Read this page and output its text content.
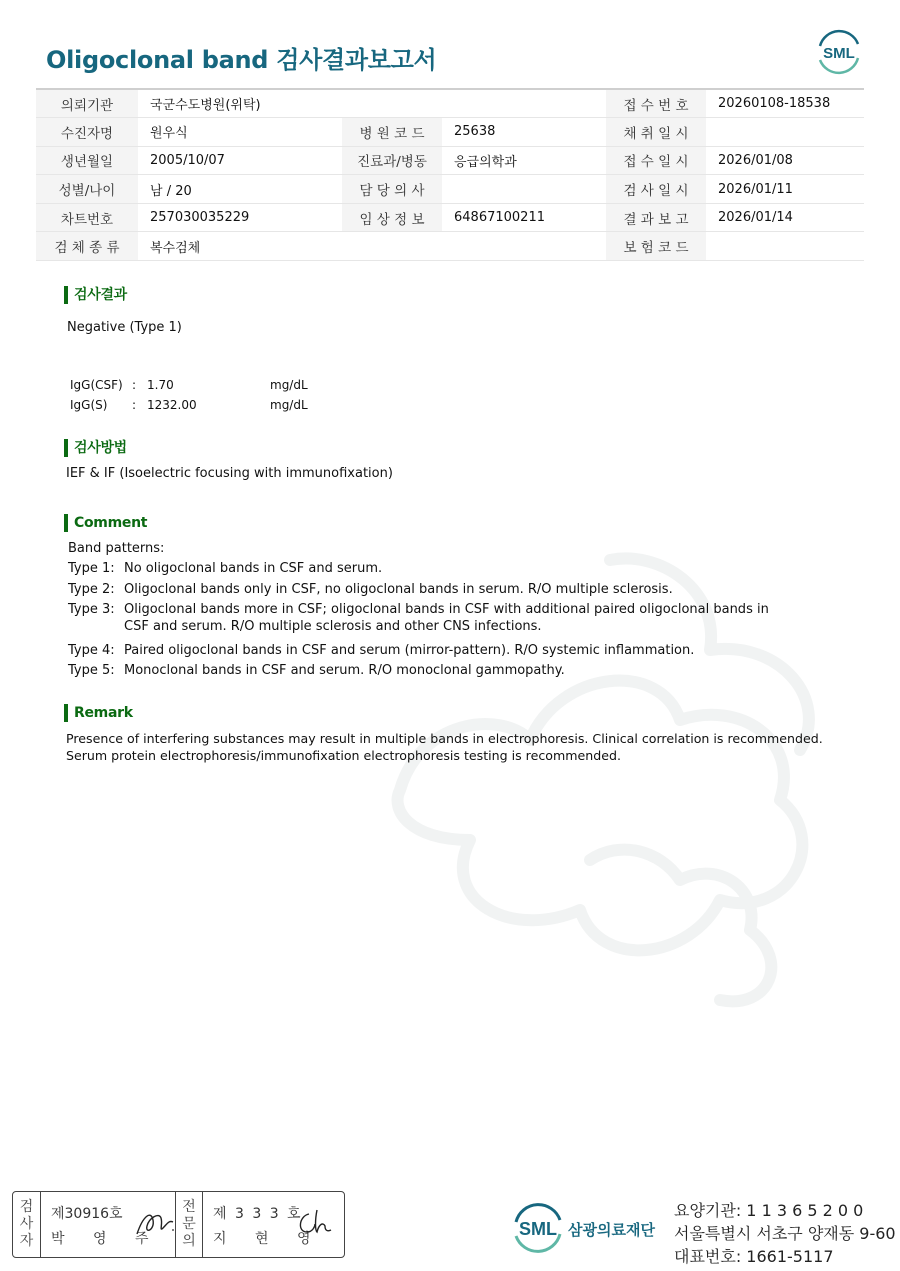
Oligoclonal band 검사결과보고서	SML
의뢰기관	국군수도병원(위탁)			접 수 번 호	20260108-18538
수진자명	원우식	병 원 코 드	25638	채 취 일 시	
생년월일	2005/10/07	진료과/병동	응급의학과	접 수 일 시	2026/01/08
성별/나이	남 / 20	담 당 의 사		검 사 일 시	2026/01/11
차트번호	257030035229	임 상 정 보	64867100211	결 과 보 고	2026/01/14
검 체 종 류	복수검체			보 험 코 드	
검사결과
Negative (Type 1)
IgG(CSF) : 1.70	mg/dL
IgG(S) : 1232.00	mg/dL
검사방법
IEF & IF (Isoelectric focusing with immunofixation)
Comment
Band patterns:
Type 1: No oligoclonal bands in CSF and serum.
Type 2: Oligoclonal bands only in CSF, no oligoclonal bands in serum. R/O multiple sclerosis.
Type 3: Oligoclonal bands more in CSF; oligoclonal bands in CSF with additional paired oligoclonal bands in CSF and serum. R/O multiple sclerosis and other CNS infections.
Type 4: Paired oligoclonal bands in CSF and serum (mirror-pattern). R/O systemic inflammation.
Type 5: Monoclonal bands in CSF and serum. R/O monoclonal gammopathy.
Remark
Presence of interfering substances may result in multiple bands in electrophoresis. Clinical correlation is recommended.
Serum protein electrophoresis/immunofixation electrophoresis testing is recommended.
검
사
자
제30916호
박 영 주
전
문
의
제 3 3 3 호
지 현 영	SML 삼광의료재단
요양기관: 1 1 3 6 5 2 0 0
서울특별시 서초구 양재동 9-60
대표번호: 1661-5117
